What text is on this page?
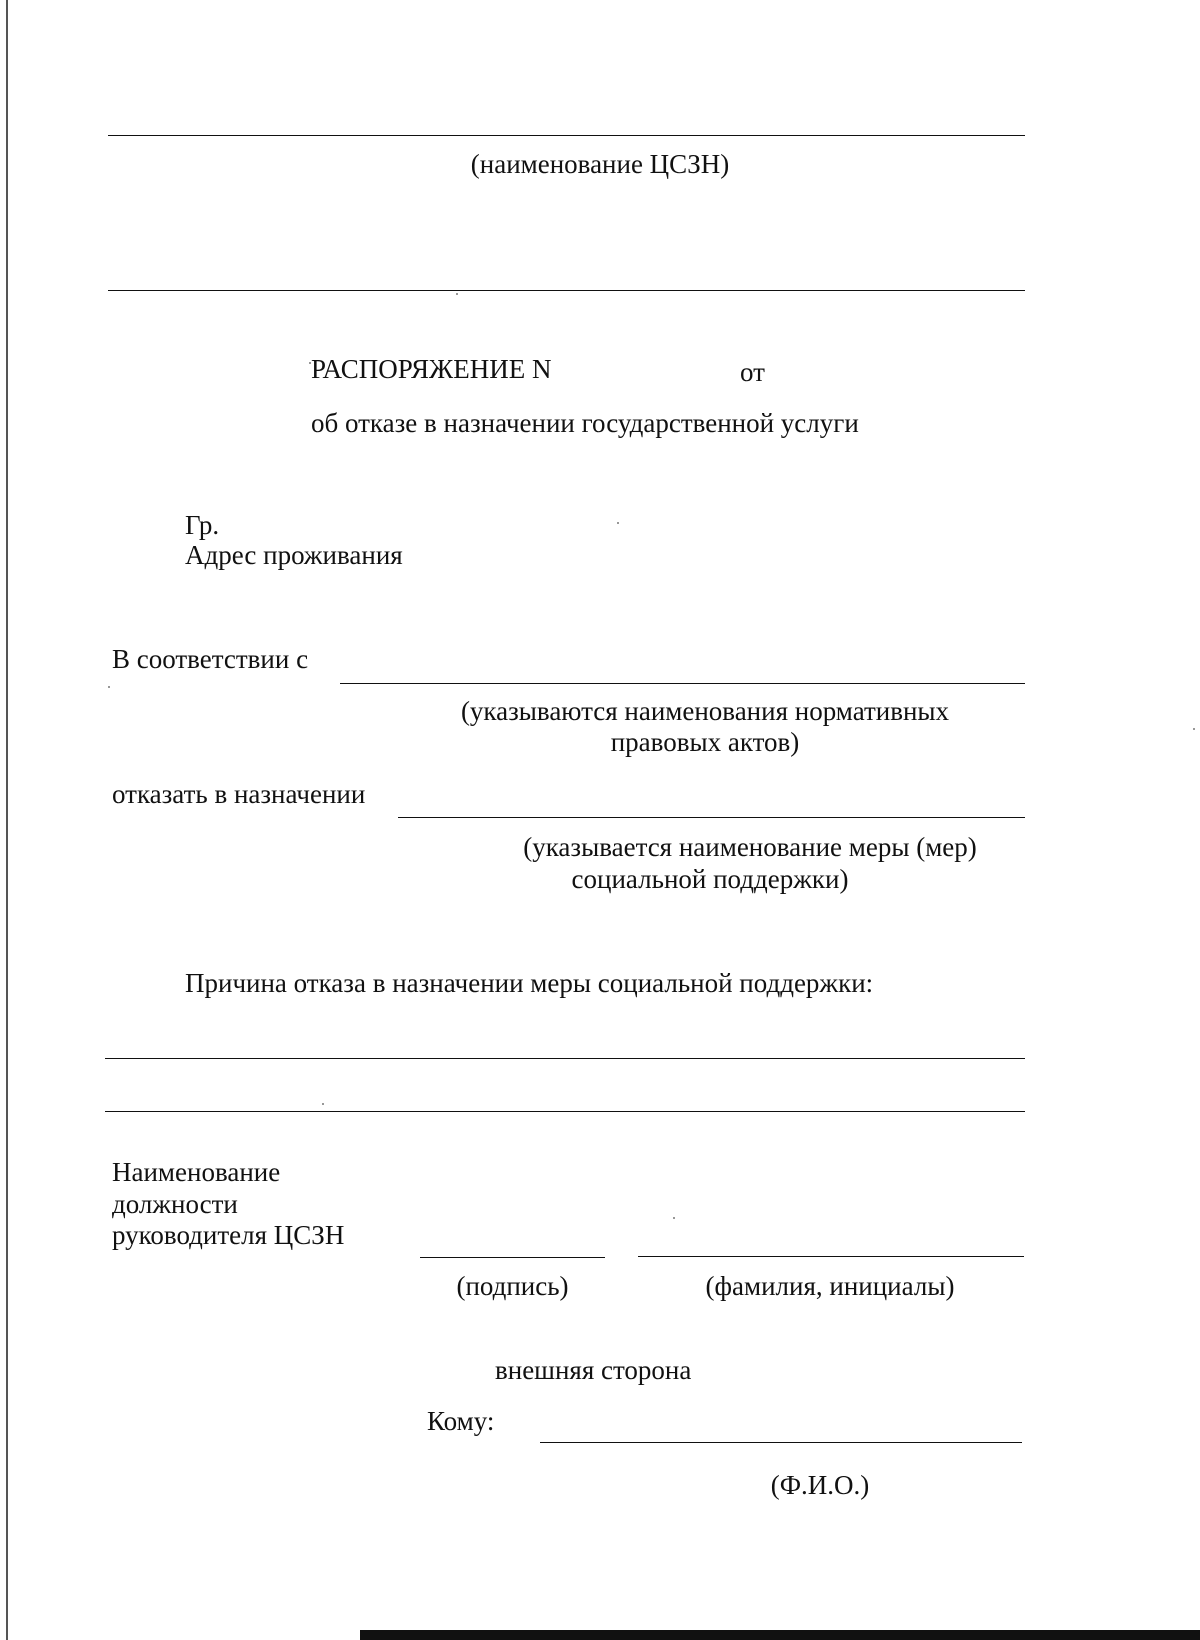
(наименование ЦСЗН)
РАСПОРЯЖЕНИЕ N	от
об отказе в назначении государственной услуги
Гр.
Адрес проживания
В соответствии с
(указываются наименования нормативных
правовых актов)
отказать в назначении
(указывается наименование меры (мер)
социальной поддержки)
Причина отказа в назначении меры социальной поддержки:
Наименование
должности
руководителя ЦСЗН
(подпись)	(фамилия, инициалы)
внешняя сторона
Кому:
(Ф.И.О.)
